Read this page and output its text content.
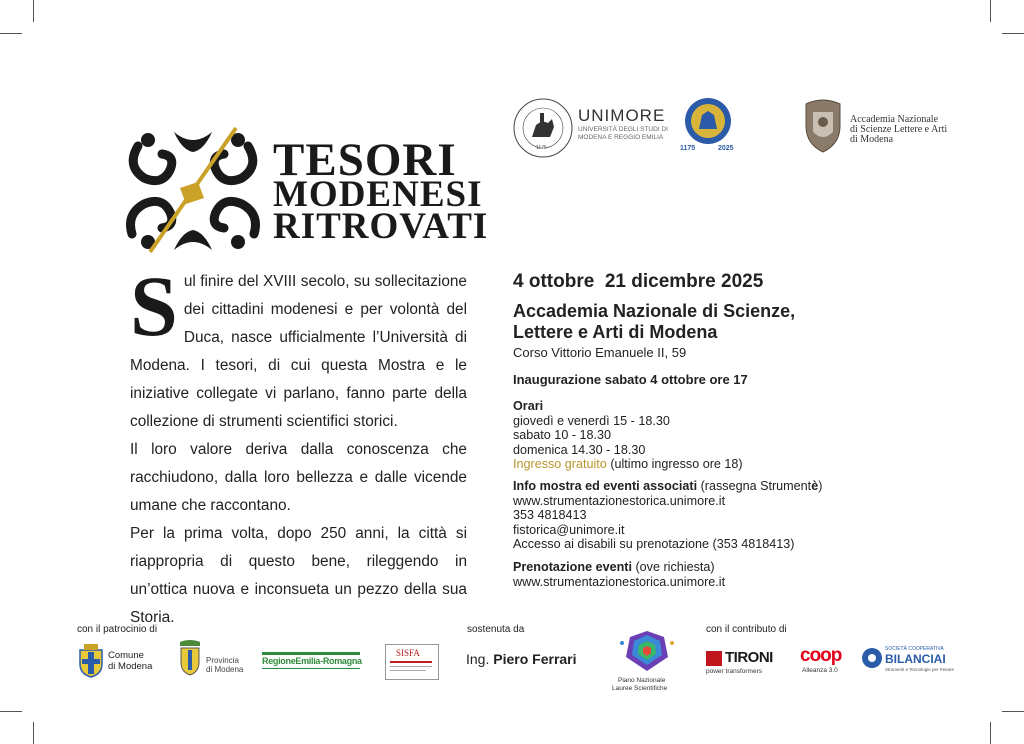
1175
UNIMORE
UNIVERSITÀ DEGLI STUDI DI
MODENA E REGGIO EMILIA
1175	2025
Accademia Nazionale
di Scienze Lettere e Arti
di Modena
TESORI
MODENESI
RITROVATI
S ul finire del XVIII secolo, su sollecitazione dei cittadini modenesi e per volontà del Duca, nasce ufficialmente l’Università di Modena. I tesori, di cui questa Mostra e le iniziative collegate vi parlano, fanno parte della collezione di strumenti scientifici storici.
Il loro valore deriva dalla conoscenza che racchiudono, dalla loro bellezza e dalle vicende umane che raccontano.
Per la prima volta, dopo 250 anni, la città si riappropria di questo bene, rileggendo in un’ottica nuova e inconsueta un pezzo della sua Storia.
4 ottobre  21 dicembre 2025
Accademia Nazionale di Scienze,
Lettere e Arti di Modena
Corso Vittorio Emanuele II, 59
Inaugurazione sabato 4 ottobre ore 17
Orari
giovedì e venerdì 15 - 18.30
sabato 10 - 18.30
domenica 14.30 - 18.30
Ingresso gratuito (ultimo ingresso ore 18)
Info mostra ed eventi associati (rassegna Strumentè)
www.strumentazionestorica.unimore.it
353 4818413
fistorica@unimore.it
Accesso ai disabili su prenotazione (353 4818413)
Prenotazione eventi (ove richiesta)
www.strumentazionestorica.unimore.it
con il patrocinio di	sostenuta da	con il contributo di
Comune
di Modena
Provincia
di Modena
RegioneEmilia-Romagna
SISFA	Ing. Piero Ferrari
Piano Nazionale
Lauree Scientifiche
TIRONI
power transformers
coop
Alleanza 3.0
SOCIETÀ COOPERATIVA
BILANCIAI
Strumenti e Tecnologie per Pesare
